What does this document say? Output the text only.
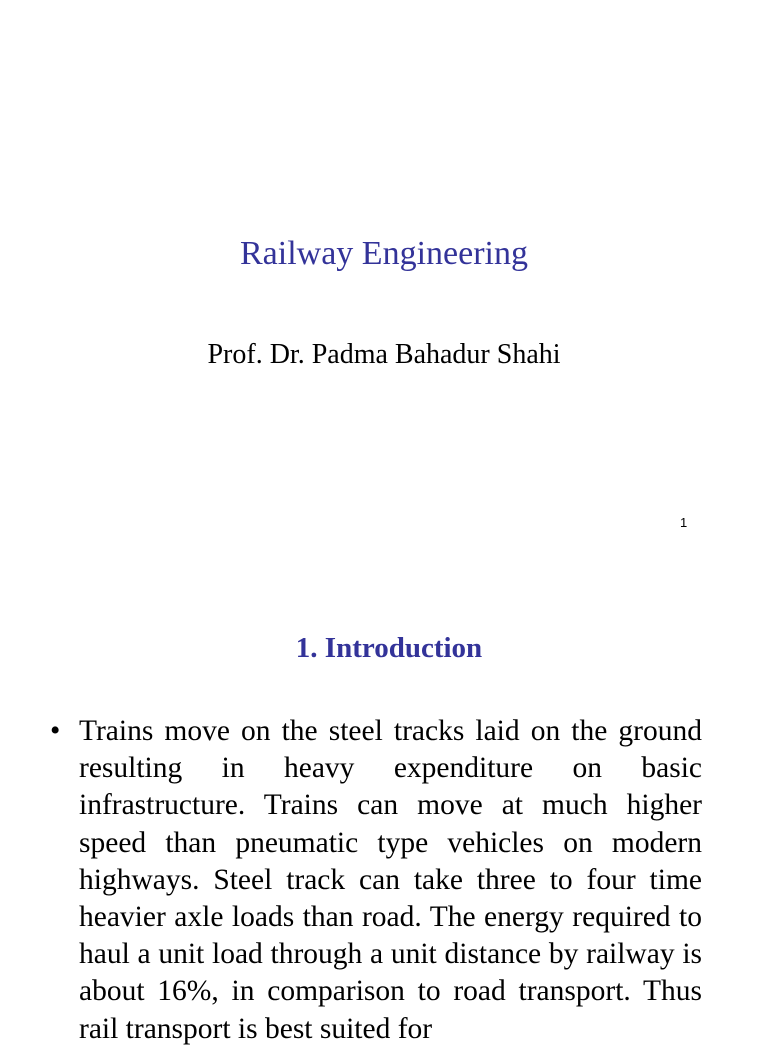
Railway Engineering
Prof. Dr. Padma Bahadur Shahi
1
1. Introduction
• Trains move on the steel tracks laid on the ground resulting in heavy expenditure on basic infrastructure. Trains can move at much higher speed than pneumatic type vehicles on modern highways. Steel track can take three to four time heavier axle loads than road. The energy required to haul a unit load through a unit distance by railway is about 16%, in comparison to road transport. Thus rail transport is best suited for
